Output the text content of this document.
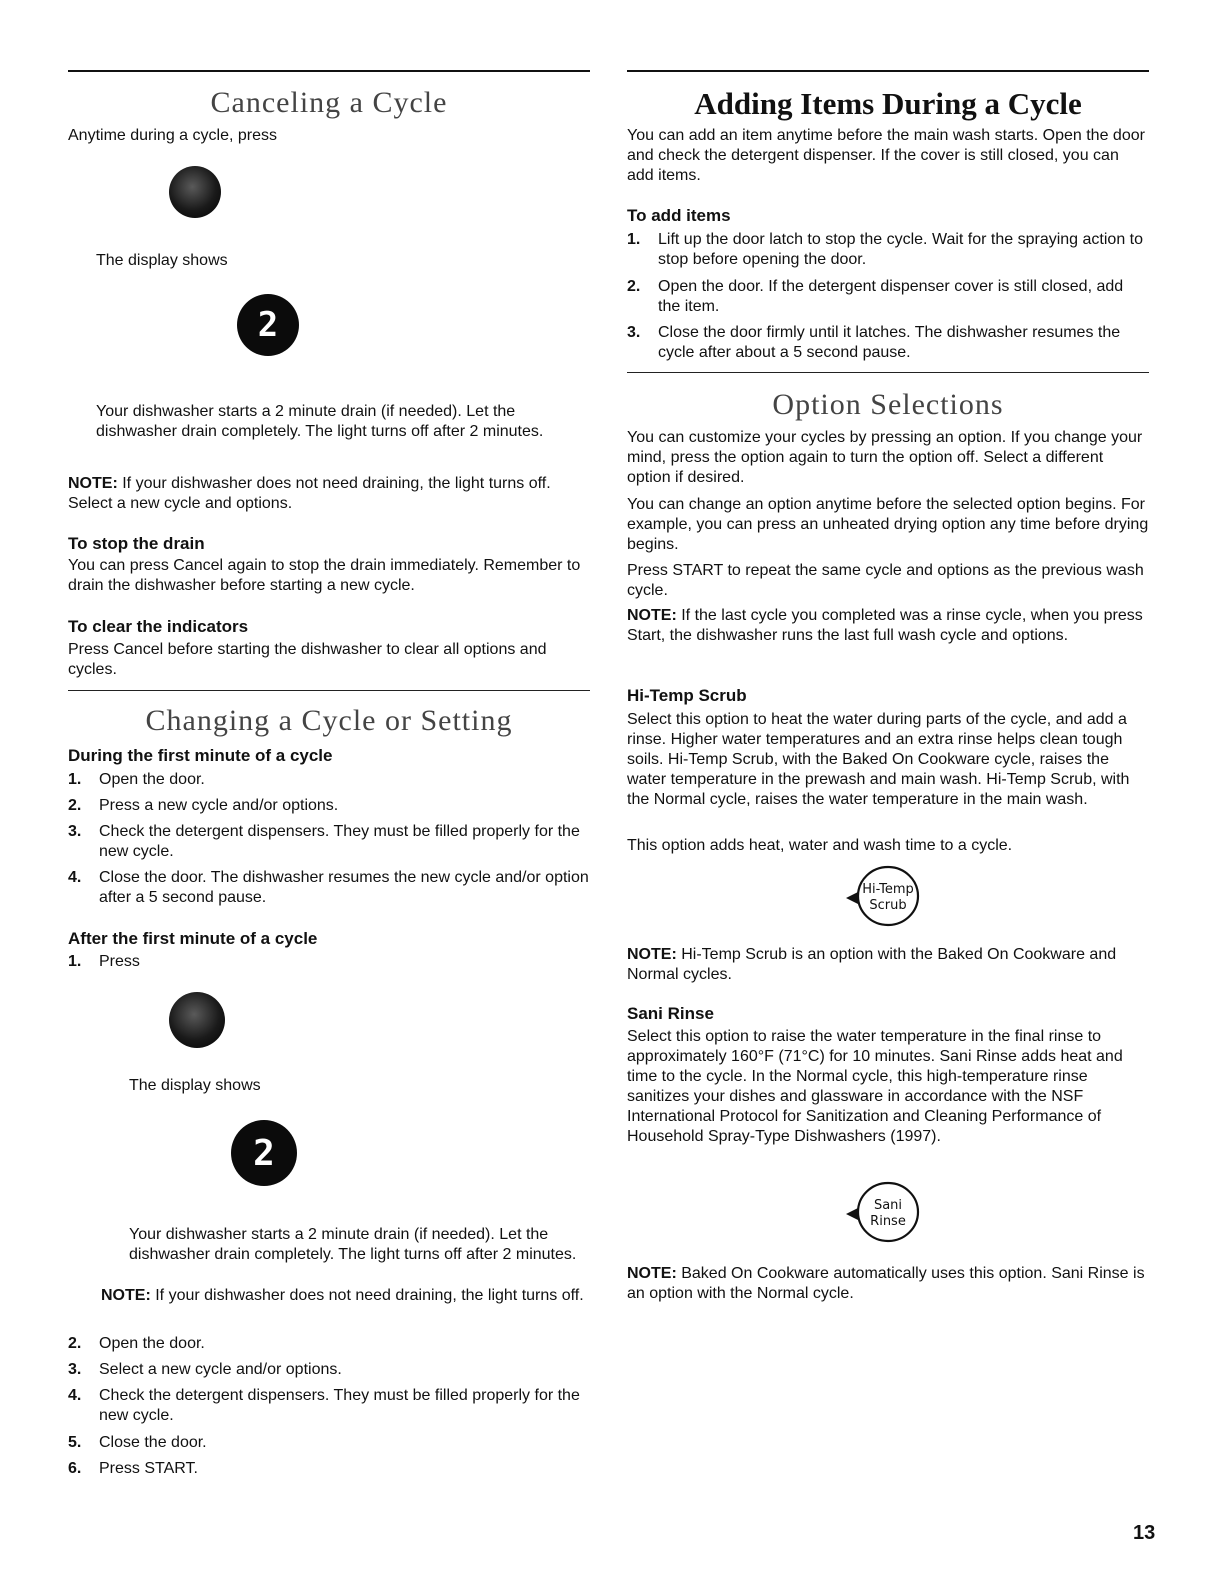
Canceling a Cycle
Anytime during a cycle, press
The display shows
2
Your dishwasher starts a 2 minute drain (if needed). Let the dishwasher drain completely. The light turns off after 2 minutes.
NOTE: If your dishwasher does not need draining, the light turns off. Select a new cycle and options.
To stop the drain
You can press Cancel again to stop the drain immediately. Remember to drain the dishwasher before starting a new cycle.
To clear the indicators
Press Cancel before starting the dishwasher to clear all options and cycles.
Changing a Cycle or Setting
During the first minute of a cycle
1. Open the door.
2. Press a new cycle and/or options.
3. Check the detergent dispensers. They must be filled properly for the new cycle.
4. Close the door. The dishwasher resumes the new cycle and/or option after a 5 second pause.
After the first minute of a cycle
1. Press
The display shows
2
Your dishwasher starts a 2 minute drain (if needed). Let the dishwasher drain completely. The light turns off after 2 minutes.
NOTE: If your dishwasher does not need draining, the light turns off.
2. Open the door.
3. Select a new cycle and/or options.
4. Check the detergent dispensers. They must be filled properly for the new cycle.
5. Close the door.
6. Press START.
Adding Items During a Cycle
You can add an item anytime before the main wash starts. Open the door and check the detergent dispenser. If the cover is still closed, you can add items.
To add items
1. Lift up the door latch to stop the cycle. Wait for the spraying action to stop before opening the door.
2. Open the door. If the detergent dispenser cover is still closed, add the item.
3. Close the door firmly until it latches. The dishwasher resumes the cycle after about a 5 second pause.
Option Selections
You can customize your cycles by pressing an option. If you change your mind, press the option again to turn the option off. Select a different option if desired.
You can change an option anytime before the selected option begins. For example, you can press an unheated drying option any time before drying begins.
Press START to repeat the same cycle and options as the previous wash cycle.
NOTE: If the last cycle you completed was a rinse cycle, when you press Start, the dishwasher runs the last full wash cycle and options.
Hi-Temp Scrub
Select this option to heat the water during parts of the cycle, and add a rinse. Higher water temperatures and an extra rinse helps clean tough soils. Hi-Temp Scrub, with the Baked On Cookware cycle, raises the water temperature in the prewash and main wash. Hi-Temp Scrub, with the Normal cycle, raises the water temperature in the main wash.
This option adds heat, water and wash time to a cycle.
Hi-Temp
Scrub
NOTE: Hi-Temp Scrub is an option with the Baked On Cookware and Normal cycles.
Sani Rinse
Select this option to raise the water temperature in the final rinse to approximately 160°F (71°C) for 10 minutes. Sani Rinse adds heat and time to the cycle. In the Normal cycle, this high-temperature rinse sanitizes your dishes and glassware in accordance with the NSF International Protocol for Sanitization and Cleaning Performance of Household Spray-Type Dishwashers (1997).
Sani
Rinse
NOTE: Baked On Cookware automatically uses this option. Sani Rinse is an option with the Normal cycle.
13
